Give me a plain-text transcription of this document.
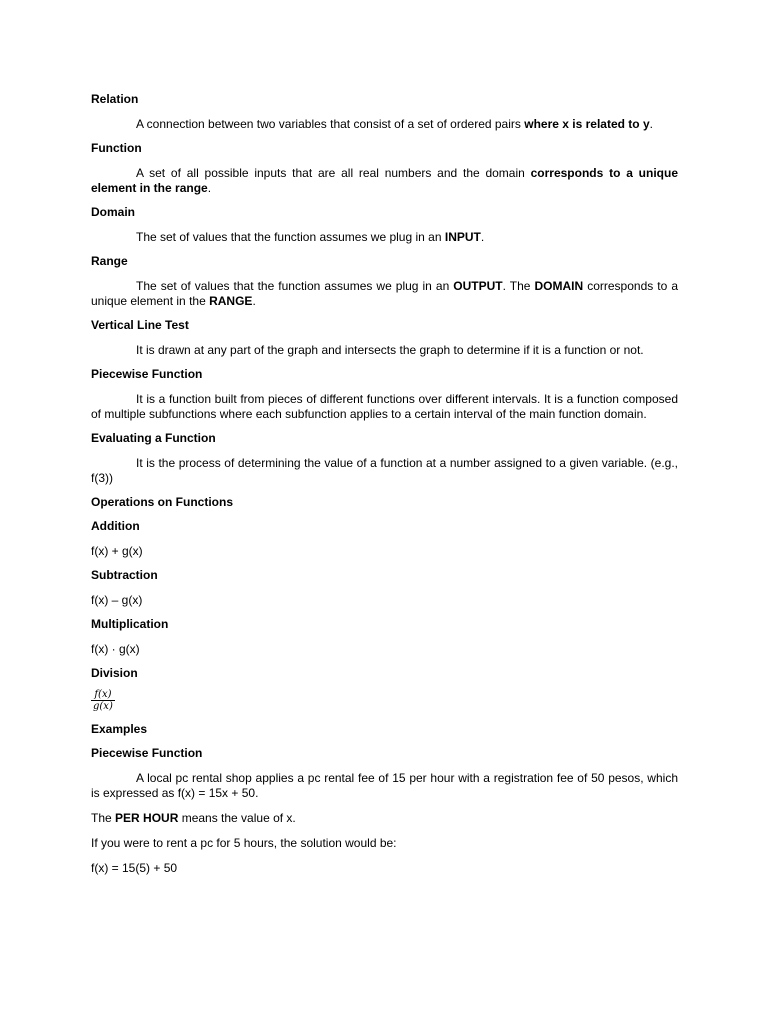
Relation

A connection between two variables that consist of a set of ordered pairs where x is related to y.

Function

A set of all possible inputs that are all real numbers and the domain corresponds to a unique element in the range.

Domain

The set of values that the function assumes we plug in an INPUT.

Range

The set of values that the function assumes we plug in an OUTPUT. The DOMAIN corresponds to a unique element in the RANGE.

Vertical Line Test

It is drawn at any part of the graph and intersects the graph to determine if it is a function or not.

Piecewise Function

It is a function built from pieces of different functions over different intervals. It is a function composed of multiple subfunctions where each subfunction applies to a certain interval of the main function domain.

Evaluating a Function

It is the process of determining the value of a function at a number assigned to a given variable. (e.g., f(3))

Operations on Functions

Addition

f(x) + g(x)

Subtraction

f(x) – g(x)

Multiplication

f(x) · g(x)

Division

$\frac{f(x)}{g(x)}$

Examples

Piecewise Function

A local pc rental shop applies a pc rental fee of 15 per hour with a registration fee of 50 pesos, which is expressed as f(x) = 15x + 50.

The PER HOUR means the value of x.

If you were to rent a pc for 5 hours, the solution would be:

f(x) = 15(5) + 50
